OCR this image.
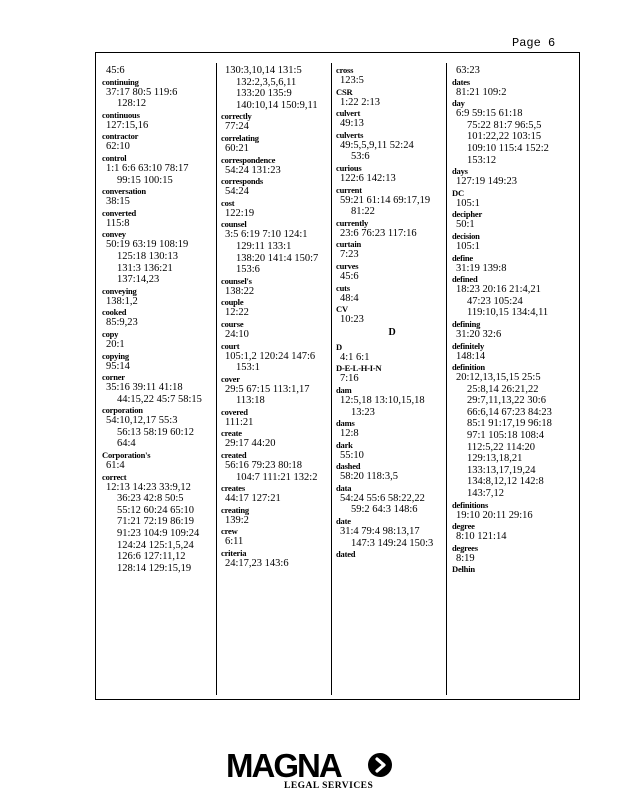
Page 6
45:6
continuing
37:17 80:5 119:6
128:12
continuous
127:15,16
contractor
62:10
control
1:1 6:6 63:10 78:17
99:15 100:15
conversation
38:15
converted
115:8
convey
50:19 63:19 108:19
125:18 130:13
131:3 136:21
137:14,23
conveying
138:1,2
cooked
85:9,23
copy
20:1
copying
95:14
corner
35:16 39:11 41:18
44:15,22 45:7 58:15
corporation
54:10,12,17 55:3
56:13 58:19 60:12
64:4
Corporation's
61:4
correct
12:13 14:23 33:9,12
36:23 42:8 50:5
55:12 60:24 65:10
71:21 72:19 86:19
91:23 104:9 109:24
124:24 125:1,5,24
126:6 127:11,12
128:14 129:15,19
130:3,10,14 131:5
132:2,3,5,6,11
133:20 135:9
140:10,14 150:9,11
correctly
77:24
correlating
60:21
correspondence
54:24 131:23
corresponds
54:24
cost
122:19
counsel
3:5 6:19 7:10 124:1
129:11 133:1
138:20 141:4 150:7
153:6
counsel's
138:22
couple
12:22
course
24:10
court
105:1,2 120:24 147:6
153:1
cover
29:5 67:15 113:1,17
113:18
covered
111:21
create
29:17 44:20
created
56:16 79:23 80:18
104:7 111:21 132:2
creates
44:17 127:21
creating
139:2
crew
6:11
criteria
24:17,23 143:6
cross
123:5
CSR
1:22 2:13
culvert
49:13
culverts
49:5,5,9,11 52:24
53:6
curious
122:6 142:13
current
59:21 61:14 69:17,19
81:22
currently
23:6 76:23 117:16
curtain
7:23
curves
45:6
cuts
48:4
CV
10:23
D
D
4:1 6:1
D-E-L-H-I-N
7:16
dam
12:5,18 13:10,15,18
13:23
dams
12:8
dark
55:10
dashed
58:20 118:3,5
data
54:24 55:6 58:22,22
59:2 64:3 148:6
date
31:4 79:4 98:13,17
147:3 149:24 150:3
dated
63:23
dates
81:21 109:2
day
6:9 59:15 61:18
75:22 81:7 96:5,5
101:22,22 103:15
109:10 115:4 152:2
153:12
days
127:19 149:23
DC
105:1
decipher
50:1
decision
105:1
define
31:19 139:8
defined
18:23 20:16 21:4,21
47:23 105:24
119:10,15 134:4,11
defining
31:20 32:6
definitely
148:14
definition
20:12,13,15,15 25:5
25:8,14 26:21,22
29:7,11,13,22 30:6
66:6,14 67:23 84:23
85:1 91:17,19 96:18
97:1 105:18 108:4
112:5,22 114:20
129:13,18,21
133:13,17,19,24
134:8,12,12 142:8
143:7,12
definitions
19:10 20:11 29:16
degree
8:10 121:14
degrees
8:19
Delhin
MAGNA
LEGAL SERVICES
